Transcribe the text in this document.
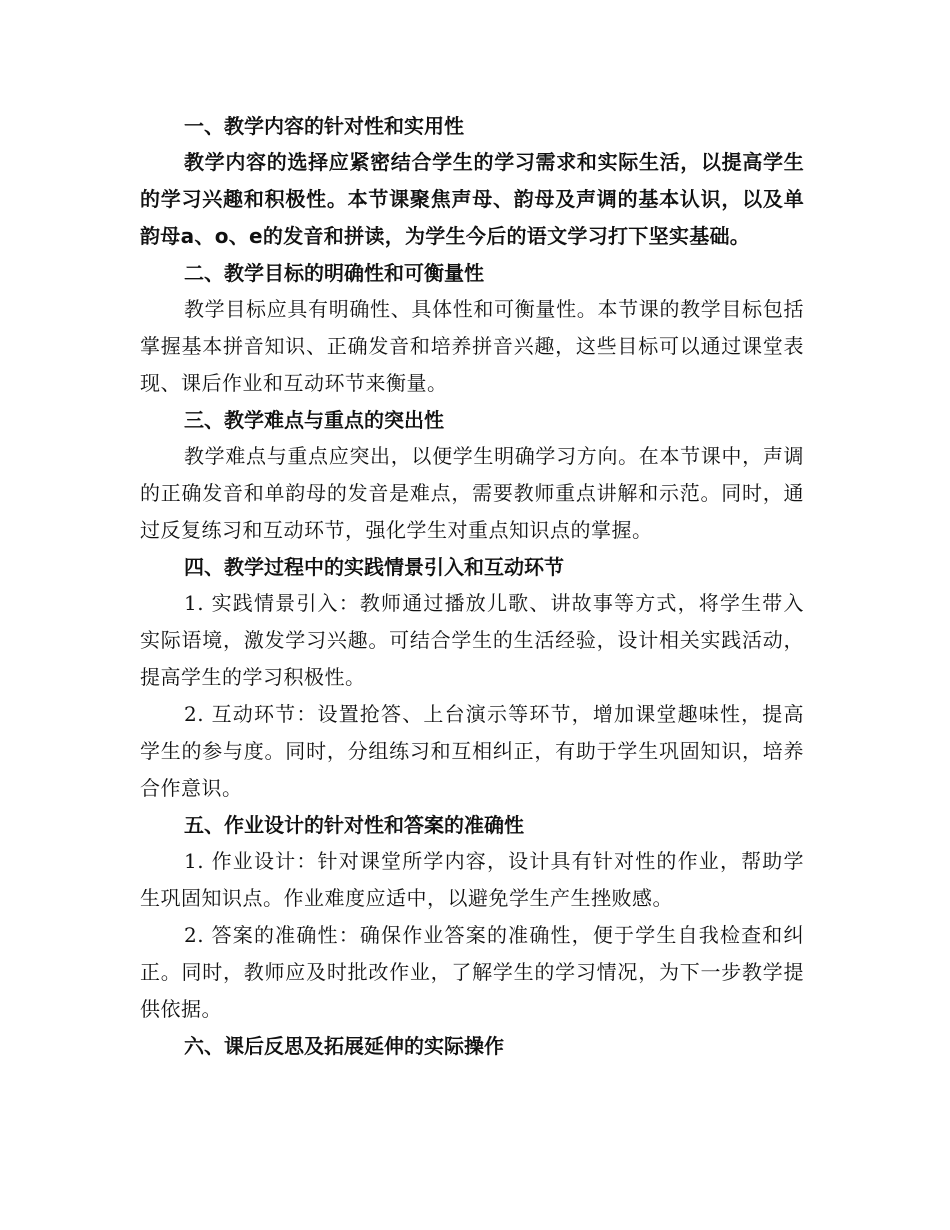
一、教学内容的针对性和实用性

教学内容的选择应紧密结合学生的学习需求和实际生活，以提高学生的学习兴趣和积极性。本节课聚焦声母、韵母及声调的基本认识，以及单韵母a、o、e的发音和拼读，为学生今后的语文学习打下坚实基础。

二、教学目标的明确性和可衡量性

教学目标应具有明确性、具体性和可衡量性。本节课的教学目标包括掌握基本拼音知识、正确发音和培养拼音兴趣，这些目标可以通过课堂表现、课后作业和互动环节来衡量。

三、教学难点与重点的突出性

教学难点与重点应突出，以便学生明确学习方向。在本节课中，声调的正确发音和单韵母的发音是难点，需要教师重点讲解和示范。同时，通过反复练习和互动环节，强化学生对重点知识点的掌握。

四、教学过程中的实践情景引入和互动环节

1. 实践情景引入：教师通过播放儿歌、讲故事等方式，将学生带入实际语境，激发学习兴趣。可结合学生的生活经验，设计相关实践活动，提高学生的学习积极性。

2. 互动环节：设置抢答、上台演示等环节，增加课堂趣味性，提高学生的参与度。同时，分组练习和互相纠正，有助于学生巩固知识，培养合作意识。

五、作业设计的针对性和答案的准确性

1. 作业设计：针对课堂所学内容，设计具有针对性的作业，帮助学生巩固知识点。作业难度应适中，以避免学生产生挫败感。

2. 答案的准确性：确保作业答案的准确性，便于学生自我检查和纠正。同时，教师应及时批改作业，了解学生的学习情况，为下一步教学提供依据。

六、课后反思及拓展延伸的实际操作
